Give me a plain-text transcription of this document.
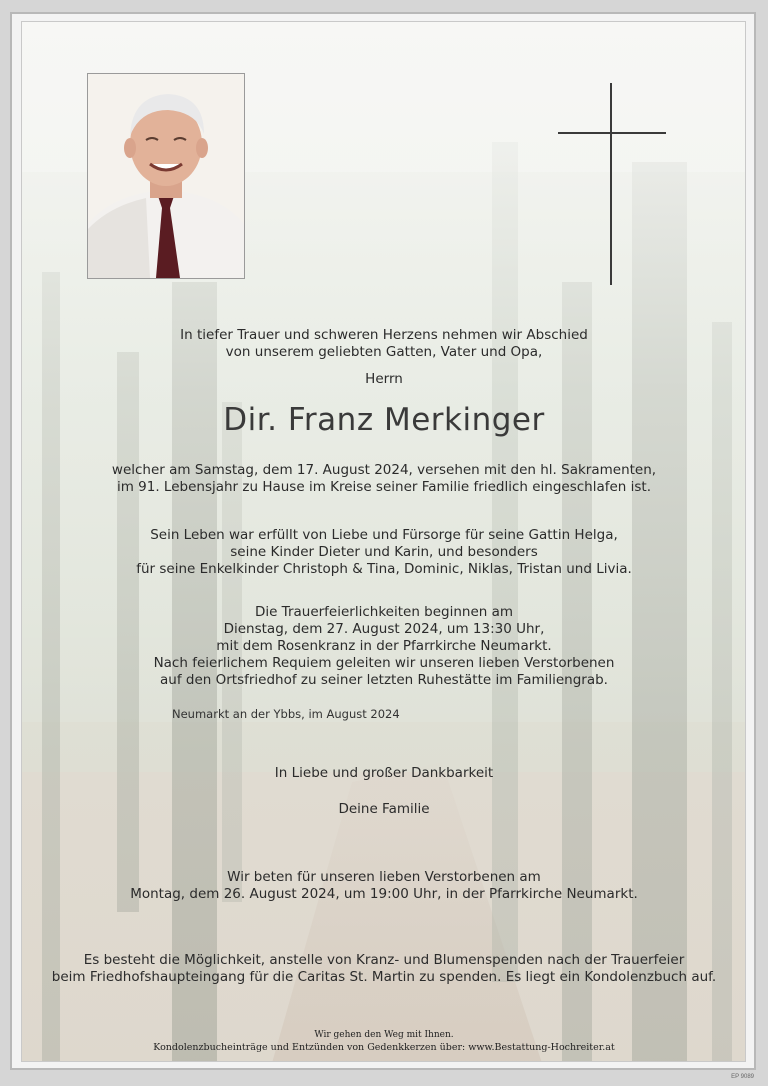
In tiefer Trauer und schweren Herzens nehmen wir Abschied

von unserem geliebten Gatten, Vater und Opa,

Herrn
Dir. Franz Merkinger

welcher am Samstag, dem 17. August 2024, versehen mit den hl. Sakramenten,

im 91. Lebensjahr zu Hause im Kreise seiner Familie friedlich eingeschlafen ist.

Sein Leben war erfüllt von Liebe und Fürsorge für seine Gattin Helga,

seine Kinder Dieter und Karin, und besonders

für seine Enkelkinder Christoph & Tina, Dominic, Niklas, Tristan und Livia.

Die Trauerfeierlichkeiten beginnen am

Dienstag, dem 27. August 2024, um 13:30 Uhr,

mit dem Rosenkranz in der Pfarrkirche Neumarkt.

Nach feierlichem Requiem geleiten wir unseren lieben Verstorbenen

auf den Ortsfriedhof zu seiner letzten Ruhestätte im Familiengrab.

Neumarkt an der Ybbs, im August 2024
In Liebe und großer Dankbarkeit
Deine Familie

Wir beten für unseren lieben Verstorbenen am

Montag, dem 26. August 2024, um 19:00 Uhr, in der Pfarrkirche Neumarkt.

Es besteht die Möglichkeit, anstelle von Kranz- und Blumenspenden nach der Trauerfeier

beim Friedhofshaupteingang für die Caritas St. Martin zu spenden. Es liegt ein Kondolenzbuch auf.

Wir gehen den Weg mit Ihnen.
Kondolenzbucheinträge und Entzünden von Gedenkkerzen über: www.Bestattung-Hochreiter.at
EP 9089
